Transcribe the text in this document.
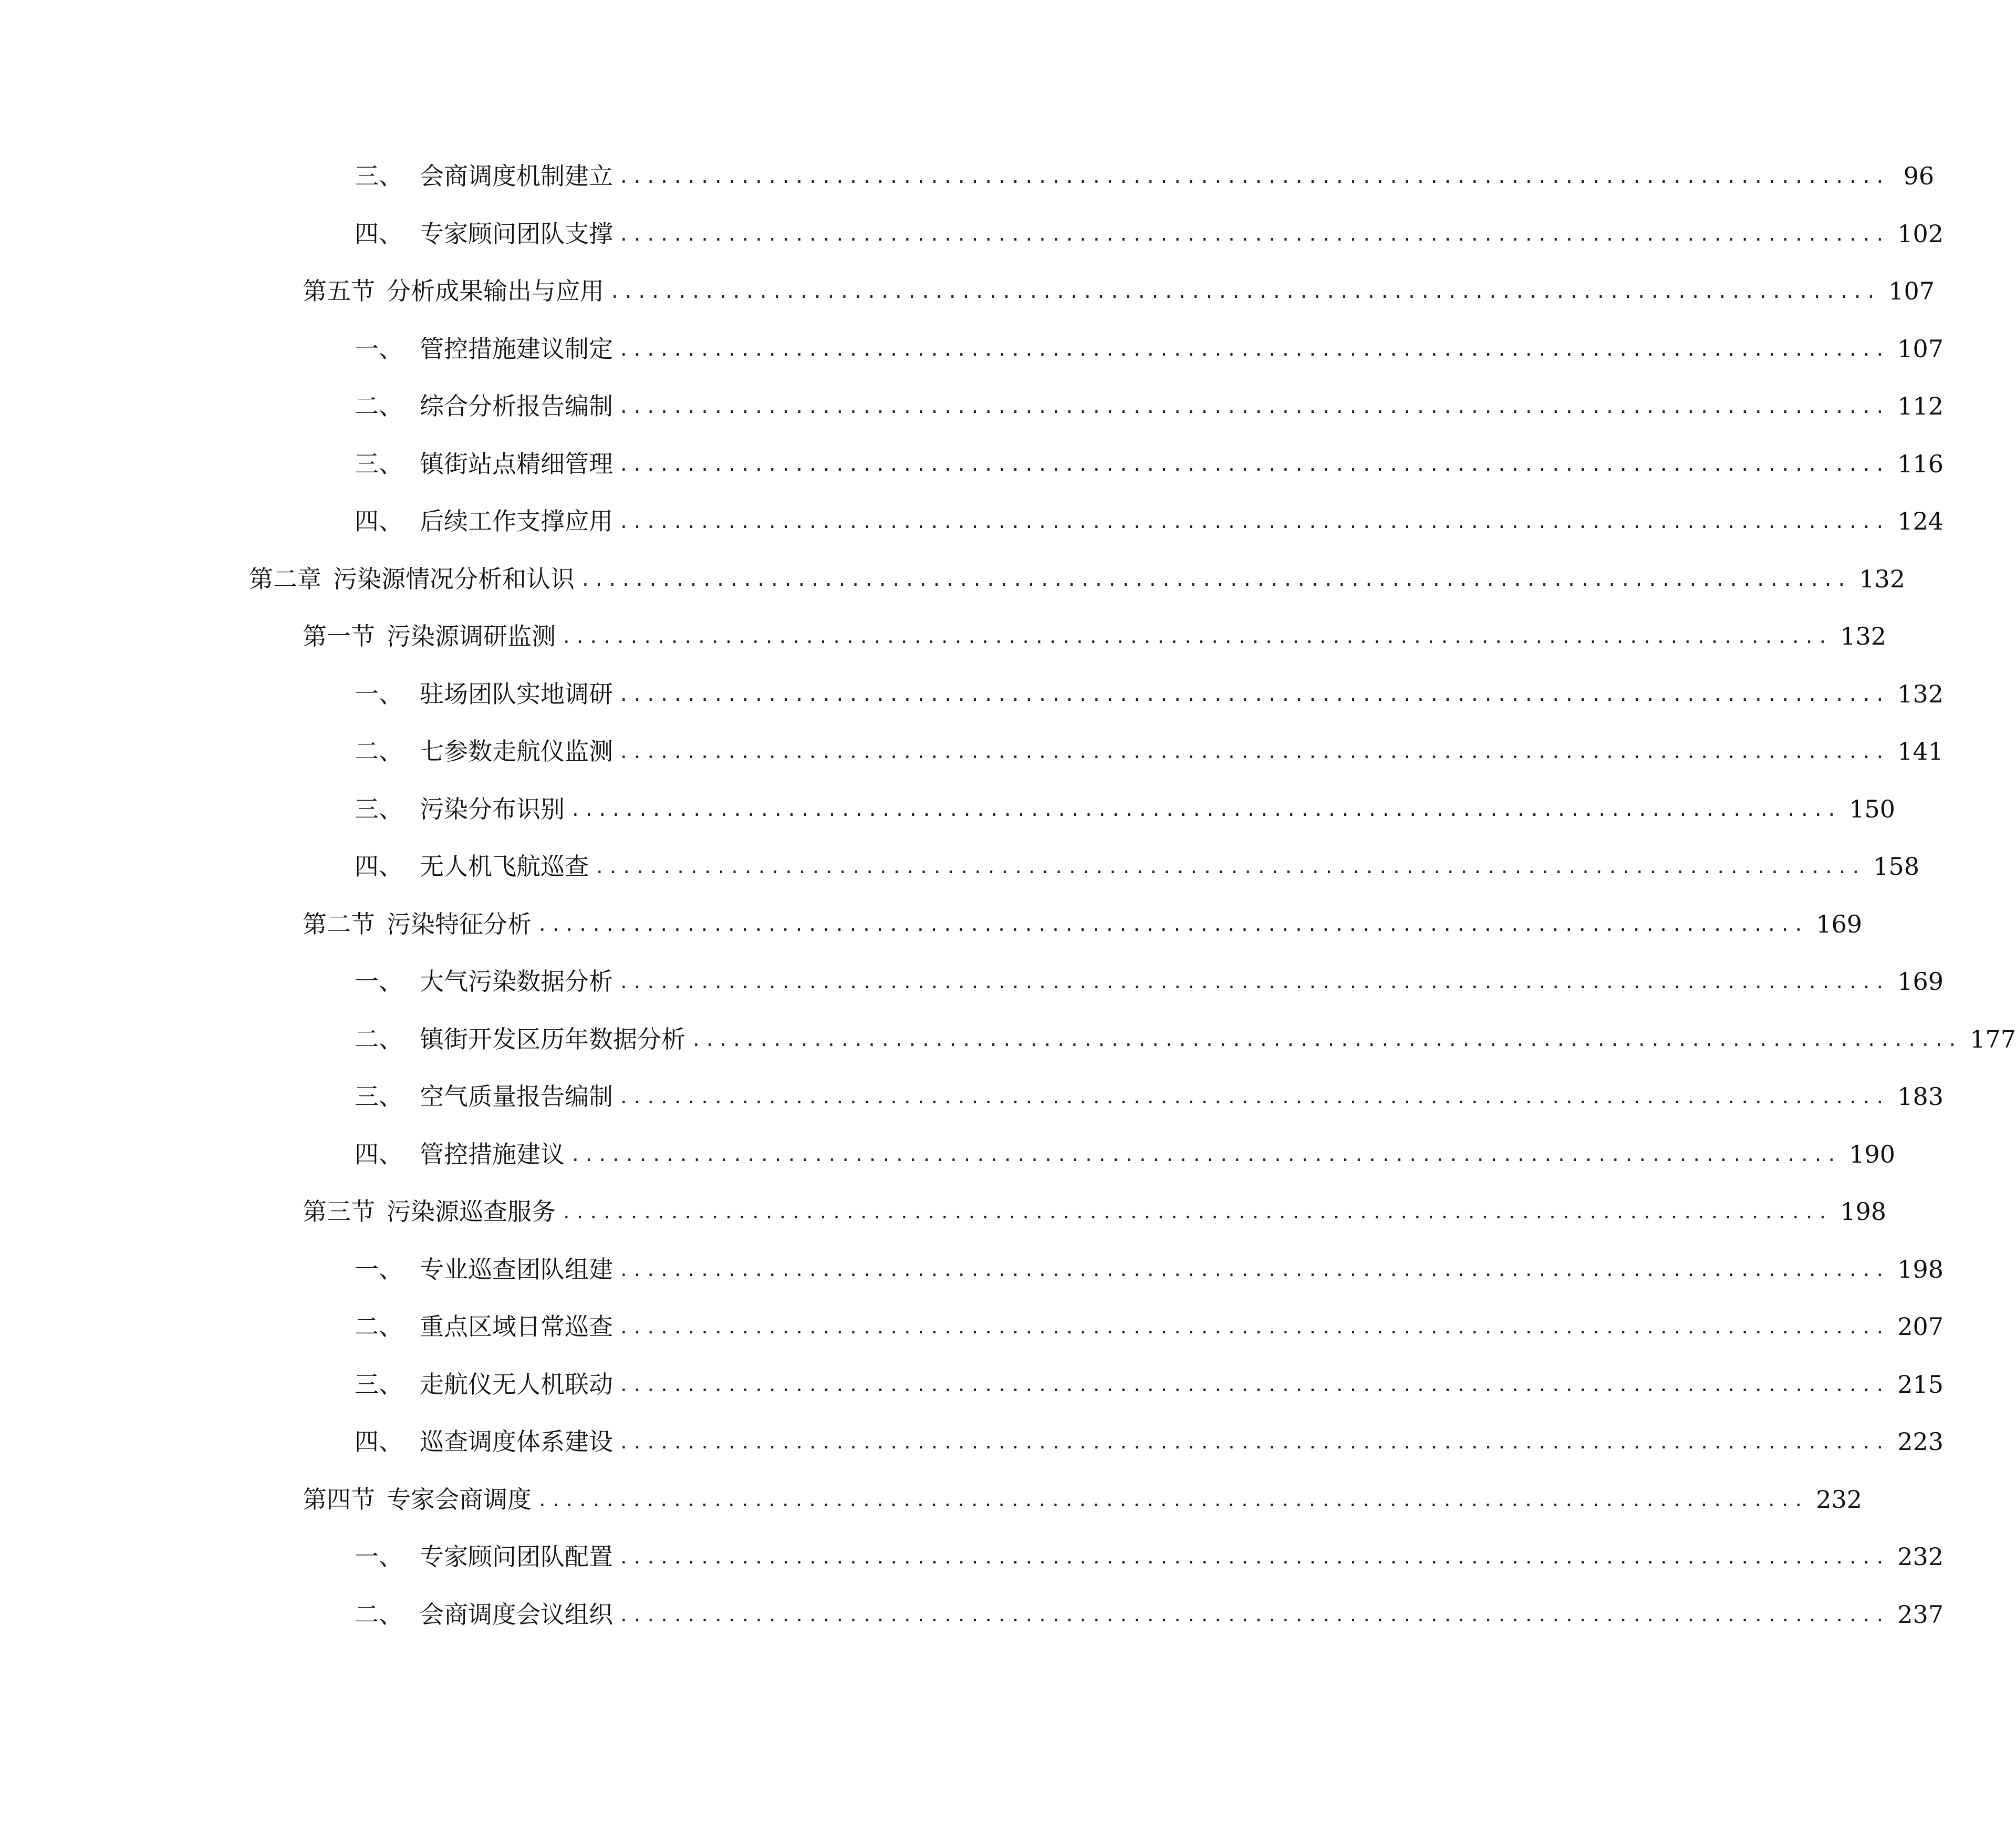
三、 会商调度机制建立 .............................................................................................. 96
四、 专家顾问团队支撑 .............................................................................................. 102
第五节 分析成果输出与应用 .............................................................................................. 107
一、 管控措施建议制定 .............................................................................................. 107
二、 综合分析报告编制 .............................................................................................. 112
三、 镇街站点精细管理 .............................................................................................. 116
四、 后续工作支撑应用 .............................................................................................. 124
第二章 污染源情况分析和认识 .............................................................................................. 132
第一节 污染源调研监测 .............................................................................................. 132
一、 驻场团队实地调研 .............................................................................................. 132
二、 七参数走航仪监测 .............................................................................................. 141
三、 污染分布识别 .............................................................................................. 150
四、 无人机飞航巡查 .............................................................................................. 158
第二节 污染特征分析 .............................................................................................. 169
一、 大气污染数据分析 .............................................................................................. 169
二、 镇街开发区历年数据分析 .............................................................................................. 177
三、 空气质量报告编制 .............................................................................................. 183
四、 管控措施建议 .............................................................................................. 190
第三节 污染源巡查服务 .............................................................................................. 198
一、 专业巡查团队组建 .............................................................................................. 198
二、 重点区域日常巡查 .............................................................................................. 207
三、 走航仪无人机联动 .............................................................................................. 215
四、 巡查调度体系建设 .............................................................................................. 223
第四节 专家会商调度 .............................................................................................. 232
一、 专家顾问团队配置 .............................................................................................. 232
二、 会商调度会议组织 .............................................................................................. 237
